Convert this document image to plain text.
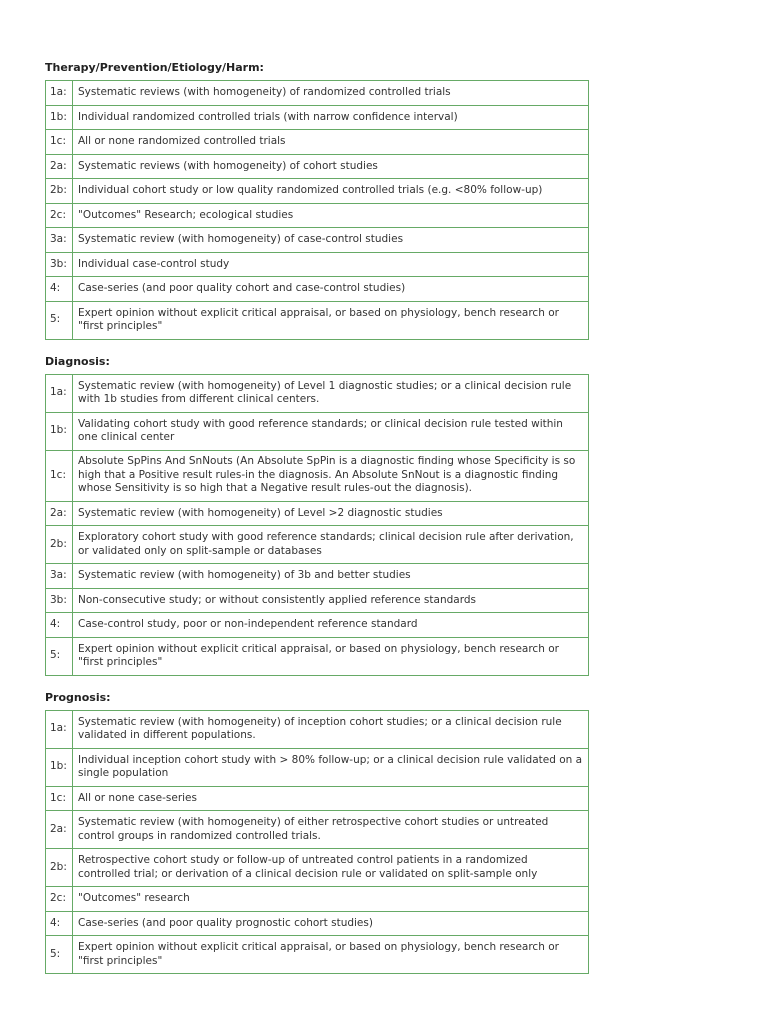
Therapy/Prevention/Etiology/Harm:
1a:	Systematic reviews (with homogeneity) of randomized controlled trials
1b:	Individual randomized controlled trials (with narrow confidence interval)
1c:	All or none randomized controlled trials
2a:	Systematic reviews (with homogeneity) of cohort studies
2b:	Individual cohort study or low quality randomized controlled trials (e.g. <80% follow-up)
2c:	"Outcomes" Research; ecological studies
3a:	Systematic review (with homogeneity) of case-control studies
3b:	Individual case-control study
4:	Case-series (and poor quality cohort and case-control studies)
5:	Expert opinion without explicit critical appraisal, or based on physiology, bench research or "first principles"
Diagnosis:
1a:	Systematic review (with homogeneity) of Level 1 diagnostic studies; or a clinical decision rule with 1b studies from different clinical centers.
1b:	Validating cohort study with good reference standards; or clinical decision rule tested within one clinical center
1c:	Absolute SpPins And SnNouts (An Absolute SpPin is a diagnostic finding whose Specificity is so high that a Positive result rules-in the diagnosis. An Absolute SnNout is a diagnostic finding whose Sensitivity is so high that a Negative result rules-out the diagnosis).
2a:	Systematic review (with homogeneity) of Level >2 diagnostic studies
2b:	Exploratory cohort study with good reference standards; clinical decision rule after derivation, or validated only on split-sample or databases
3a:	Systematic review (with homogeneity) of 3b and better studies
3b:	Non-consecutive study; or without consistently applied reference standards
4:	Case-control study, poor or non-independent reference standard
5:	Expert opinion without explicit critical appraisal, or based on physiology, bench research or "first principles"
Prognosis:
1a:	Systematic review (with homogeneity) of inception cohort studies; or a clinical decision rule validated in different populations.
1b:	Individual inception cohort study with > 80% follow-up; or a clinical decision rule validated on a single population
1c:	All or none case-series
2a:	Systematic review (with homogeneity) of either retrospective cohort studies or untreated control groups in randomized controlled trials.
2b:	Retrospective cohort study or follow-up of untreated control patients in a randomized controlled trial; or derivation of a clinical decision rule or validated on split-sample only
2c:	"Outcomes" research
4:	Case-series (and poor quality prognostic cohort studies)
5:	Expert opinion without explicit critical appraisal, or based on physiology, bench research or "first principles"
